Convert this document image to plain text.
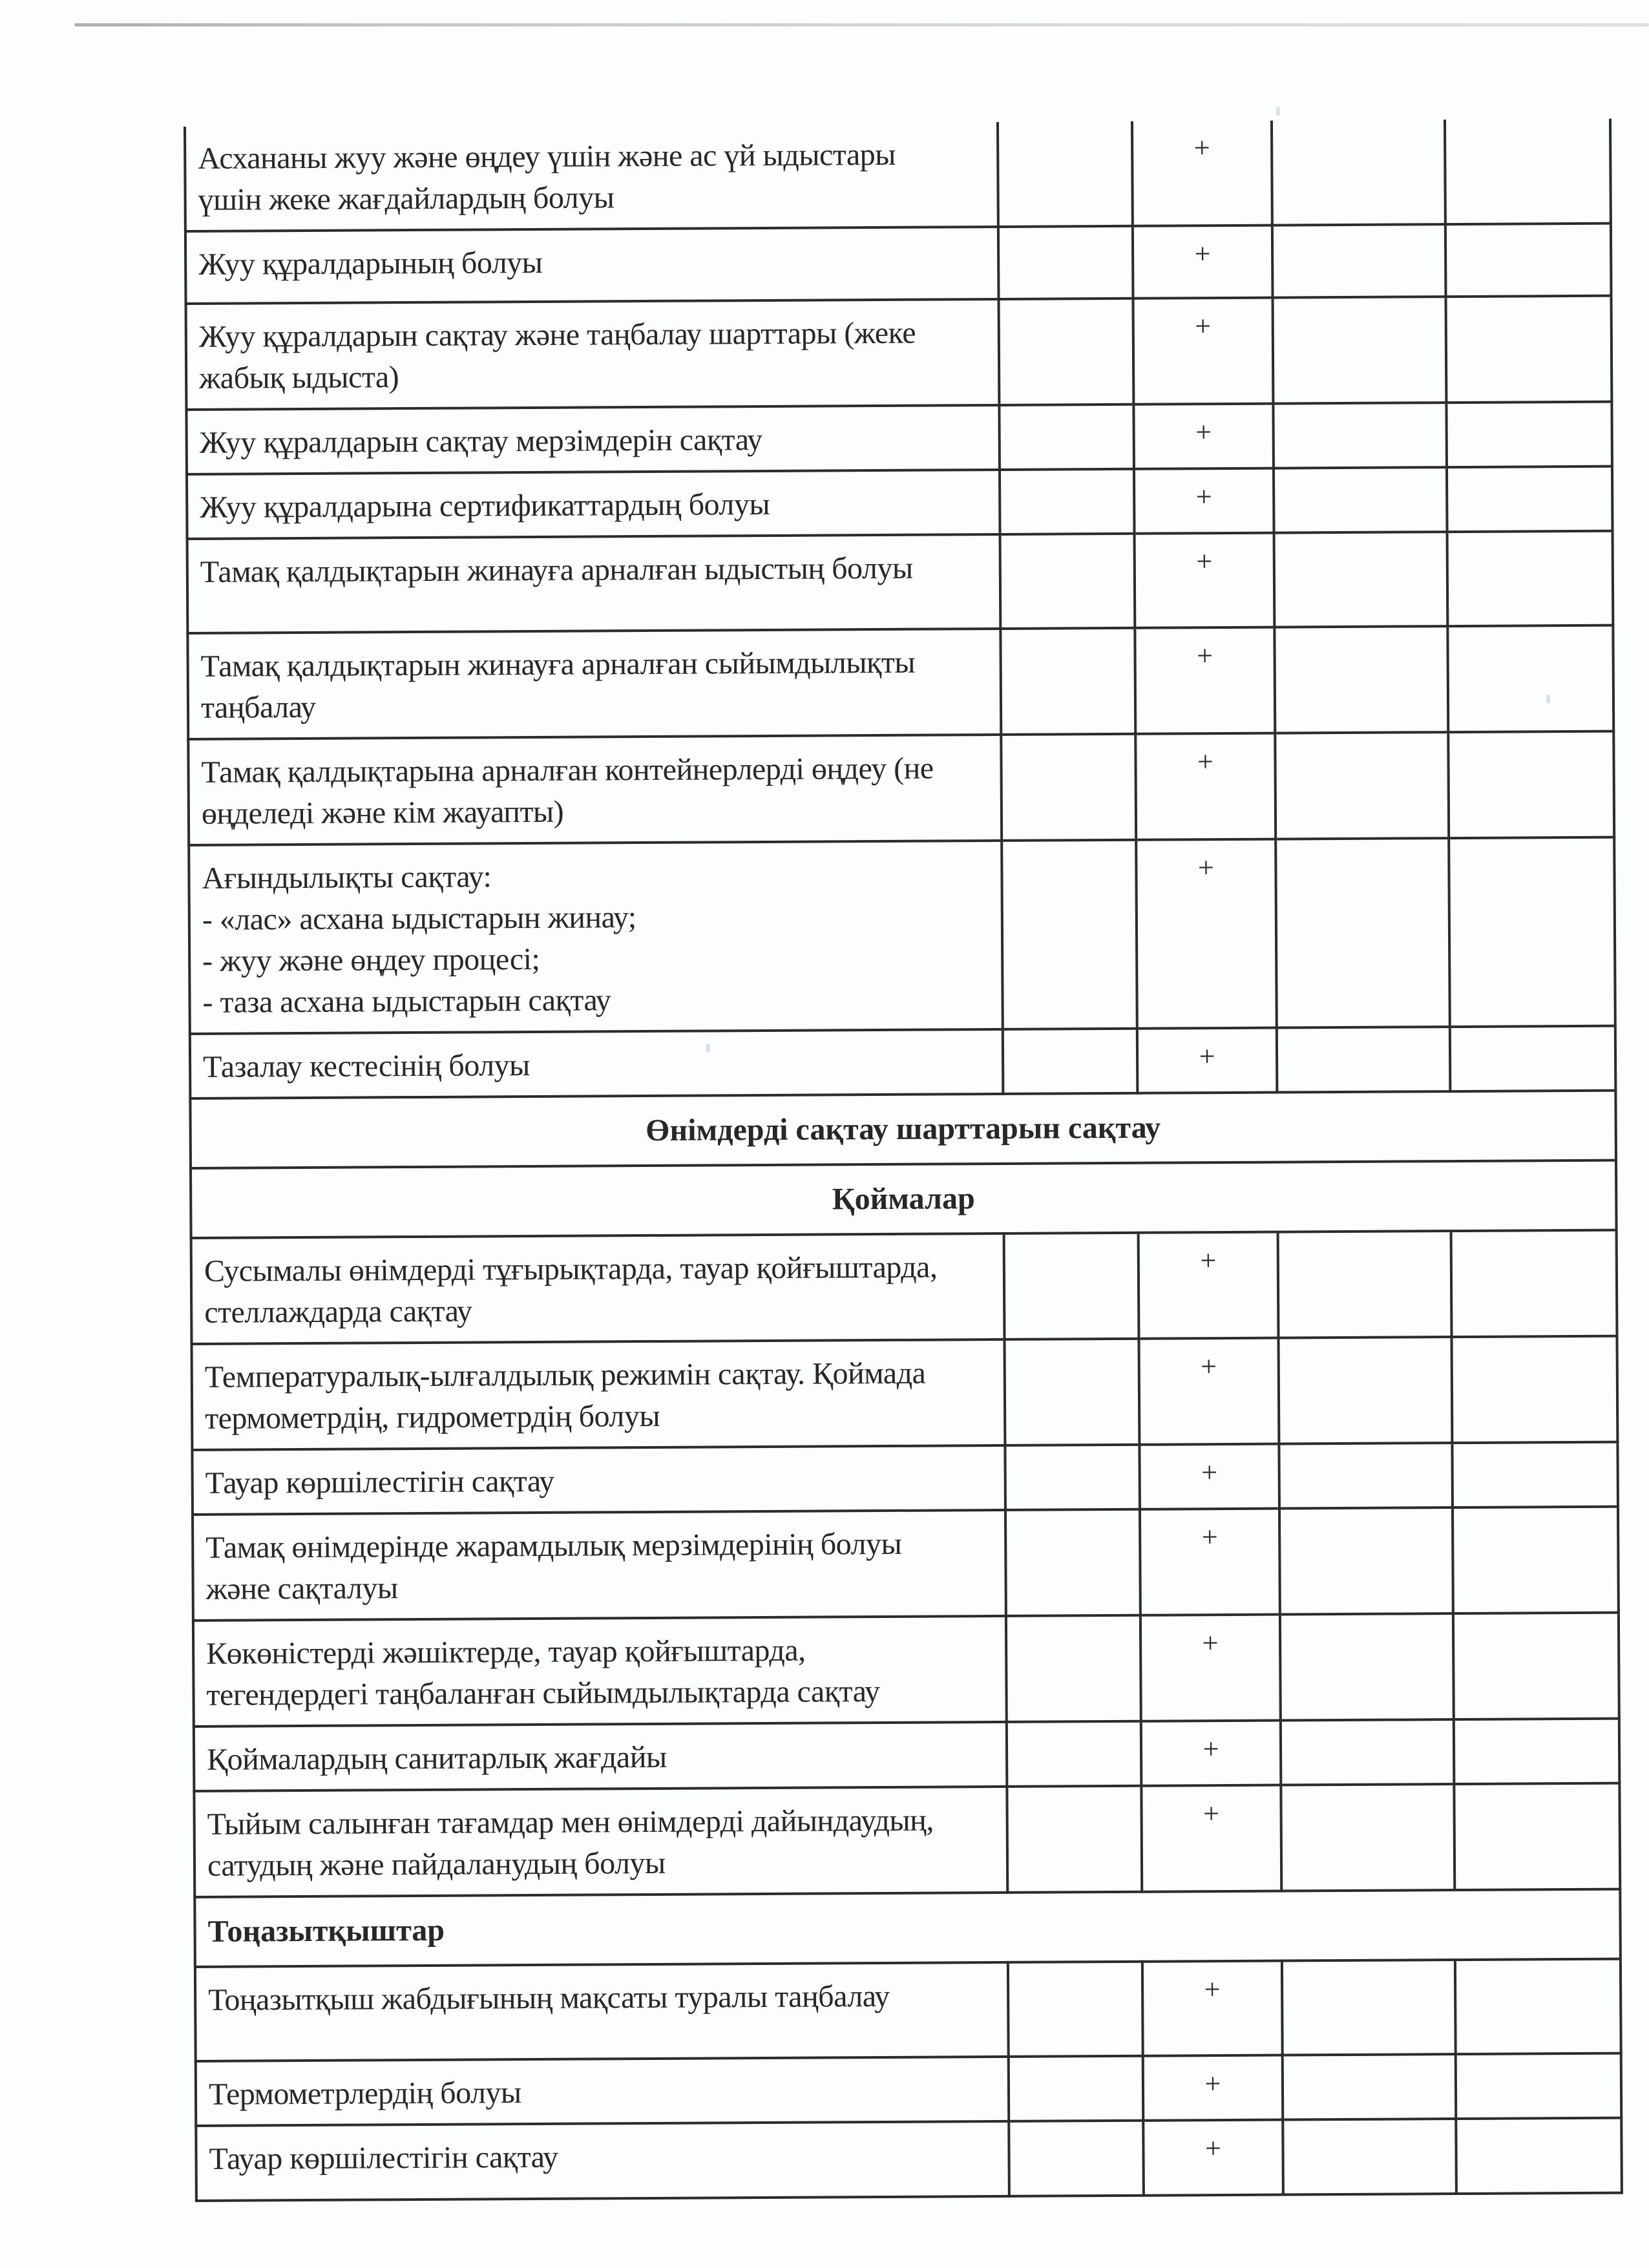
Асхананы жуу және өңдеу үшін және ас үй ыдыстары
үшін жеке жағдайлардың болуы		+		

Жуу құралдарының болуы		+		

Жуу құралдарын сақтау және таңбалау шарттары (жеке
жабық ыдыста)		+		

Жуу құралдарын сақтау мерзімдерін сақтау		+		

Жуу құралдарына сертификаттардың болуы		+		

Тамақ қалдықтарын жинауға арналған ыдыстың болуы		+		

Тамақ қалдықтарын жинауға арналған сыйымдылықты
таңбалау		+		

Тамақ қалдықтарына арналған контейнерлерді өңдеу (не
өңделеді және кім жауапты)		+		

Ағындылықты сақтау:
- «лас» асхана ыдыстарын жинау;
- жуу және өңдеу процесі;
- таза асхана ыдыстарын сақтау		+		

Тазалау кестесінің болуы		+		

Өнімдерді сақтау шарттарын сақтау				

Қоймалар				

Сусымалы өнімдерді тұғырықтарда, тауар қойғыштарда,
стеллаждарда сақтау		+		

Температуралық-ылғалдылық режимін сақтау. Қоймада
термометрдің, гидрометрдің болуы		+		

Тауар көршілестігін сақтау		+		

Тамақ өнімдерінде жарамдылық мерзімдерінің болуы
және сақталуы		+		

Көкөністерді жәшіктерде, тауар қойғыштарда,
тегендердегі таңбаланған сыйымдылықтарда сақтау		+		

Қоймалардың санитарлық жағдайы		+		

Тыйым салынған тағамдар мен өнімдерді дайындаудың,
сатудың және пайдаланудың болуы		+		

Тоңазытқыштар				

Тоңазытқыш жабдығының мақсаты туралы таңбалау		+		

Термометрлердің болуы		+		

Тауар көршілестігін сақтау		+		
